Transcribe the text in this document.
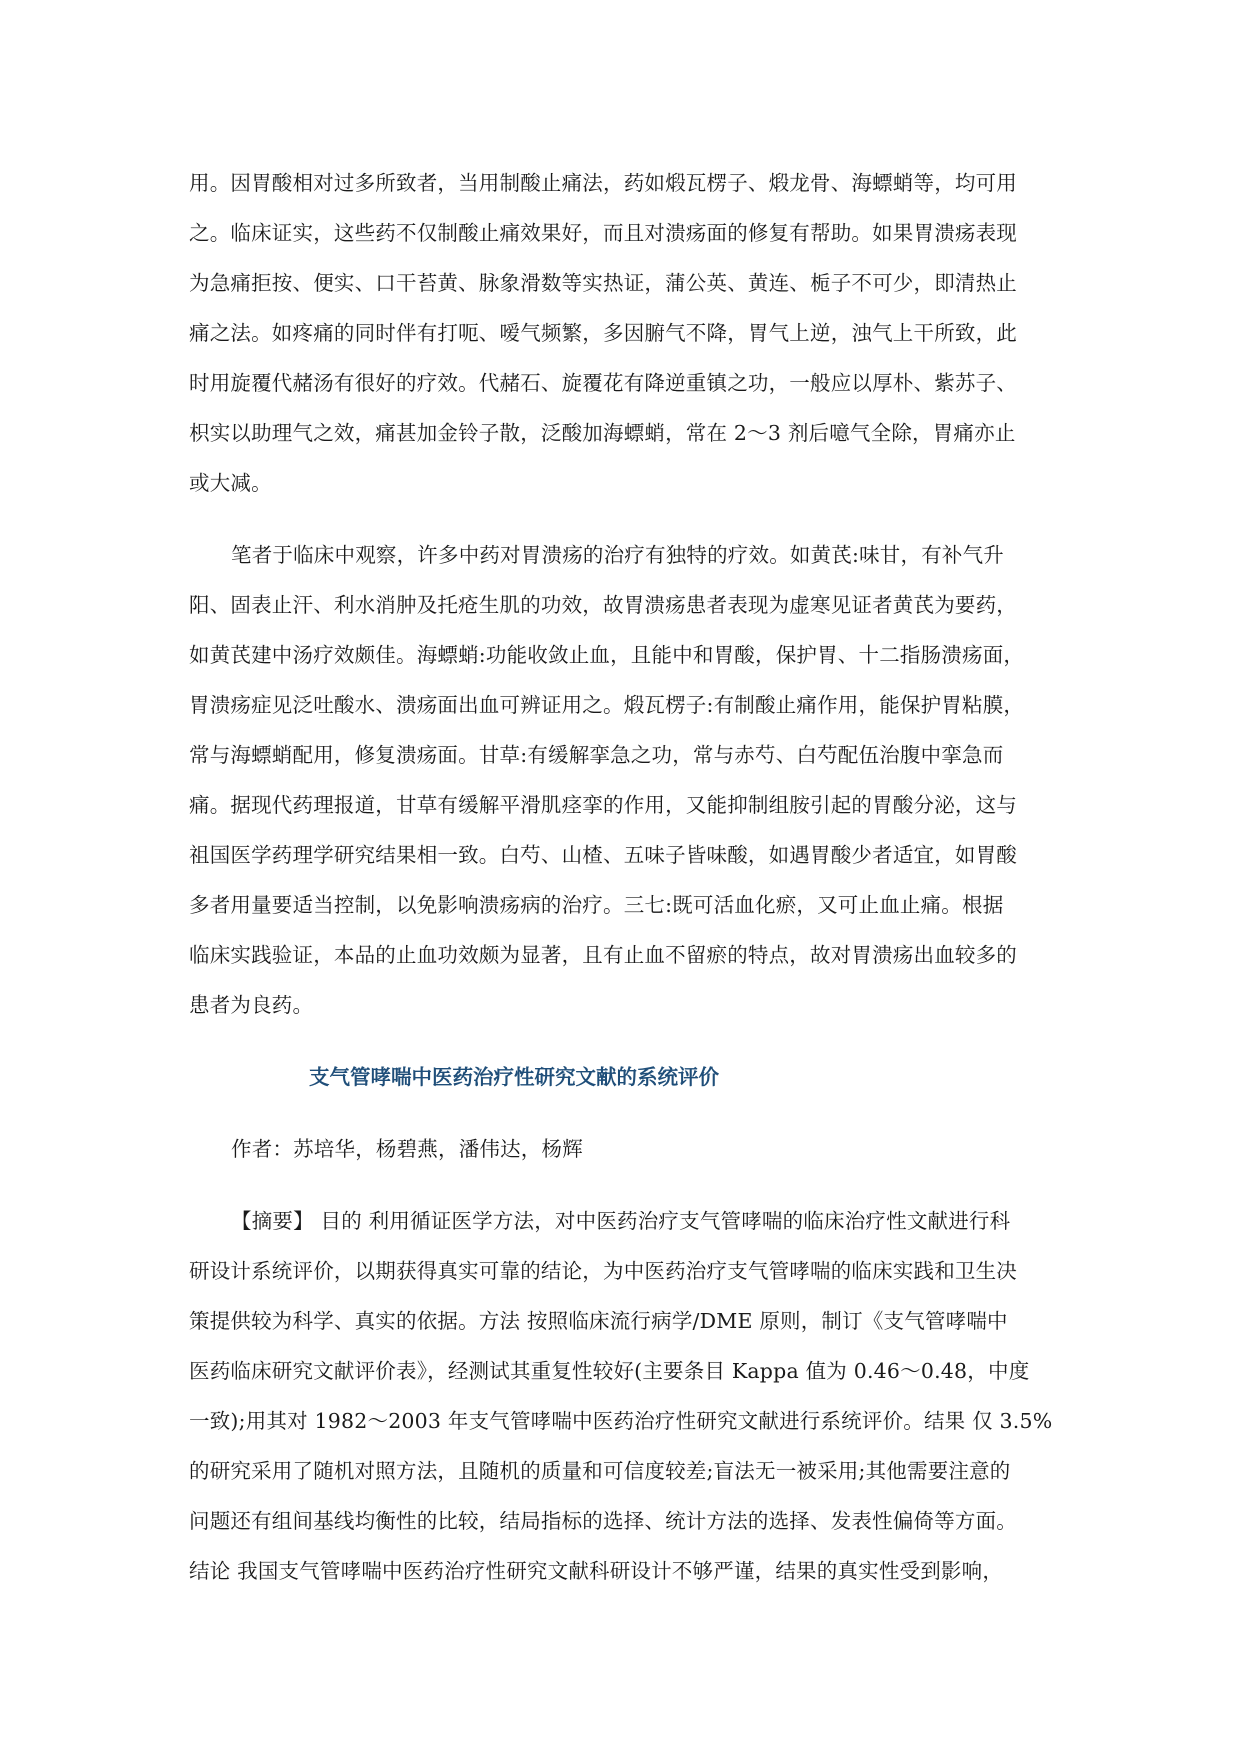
用。因胃酸相对过多所致者，当用制酸止痛法，药如煅瓦楞子、煅龙骨、海螵蛸等，均可用
之。临床证实，这些药不仅制酸止痛效果好，而且对溃疡面的修复有帮助。如果胃溃疡表现
为急痛拒按、便实、口干苔黄、脉象滑数等实热证，蒲公英、黄连、栀子不可少，即清热止
痛之法。如疼痛的同时伴有打呃、嗳气频繁，多因腑气不降，胃气上逆，浊气上干所致，此
时用旋覆代赭汤有很好的疗效。代赭石、旋覆花有降逆重镇之功，一般应以厚朴、紫苏子、
枳实以助理气之效，痛甚加金铃子散，泛酸加海螵蛸，常在 2～3 剂后噫气全除，胃痛亦止
或大减。
笔者于临床中观察，许多中药对胃溃疡的治疗有独特的疗效。如黄芪:味甘，有补气升
阳、固表止汗、利水消肿及托疮生肌的功效，故胃溃疡患者表现为虚寒见证者黄芪为要药，
如黄芪建中汤疗效颇佳。海螵蛸:功能收敛止血，且能中和胃酸，保护胃、十二指肠溃疡面，
胃溃疡症见泛吐酸水、溃疡面出血可辨证用之。煅瓦楞子:有制酸止痛作用，能保护胃粘膜，
常与海螵蛸配用，修复溃疡面。甘草:有缓解挛急之功，常与赤芍、白芍配伍治腹中挛急而
痛。据现代药理报道，甘草有缓解平滑肌痉挛的作用，又能抑制组胺引起的胃酸分泌，这与
祖国医学药理学研究结果相一致。白芍、山楂、五味子皆味酸，如遇胃酸少者适宜，如胃酸
多者用量要适当控制，以免影响溃疡病的治疗。三七:既可活血化瘀，又可止血止痛。根据
临床实践验证，本品的止血功效颇为显著，且有止血不留瘀的特点，故对胃溃疡出血较多的
患者为良药。
支气管哮喘中医药治疗性研究文献的系统评价
作者：苏培华，杨碧燕，潘伟达，杨辉
【摘要】 目的 利用循证医学方法，对中医药治疗支气管哮喘的临床治疗性文献进行科
研设计系统评价，以期获得真实可靠的结论，为中医药治疗支气管哮喘的临床实践和卫生决
策提供较为科学、真实的依据。方法 按照临床流行病学/DME 原则，制订《支气管哮喘中
医药临床研究文献评价表》，经测试其重复性较好(主要条目 Kappa 值为 0.46～0.48，中度
一致);用其对 1982～2003 年支气管哮喘中医药治疗性研究文献进行系统评价。结果 仅 3.5%
的研究采用了随机对照方法，且随机的质量和可信度较差;盲法无一被采用;其他需要注意的
问题还有组间基线均衡性的比较，结局指标的选择、统计方法的选择、发表性偏倚等方面。
结论 我国支气管哮喘中医药治疗性研究文献科研设计不够严谨，结果的真实性受到影响，
